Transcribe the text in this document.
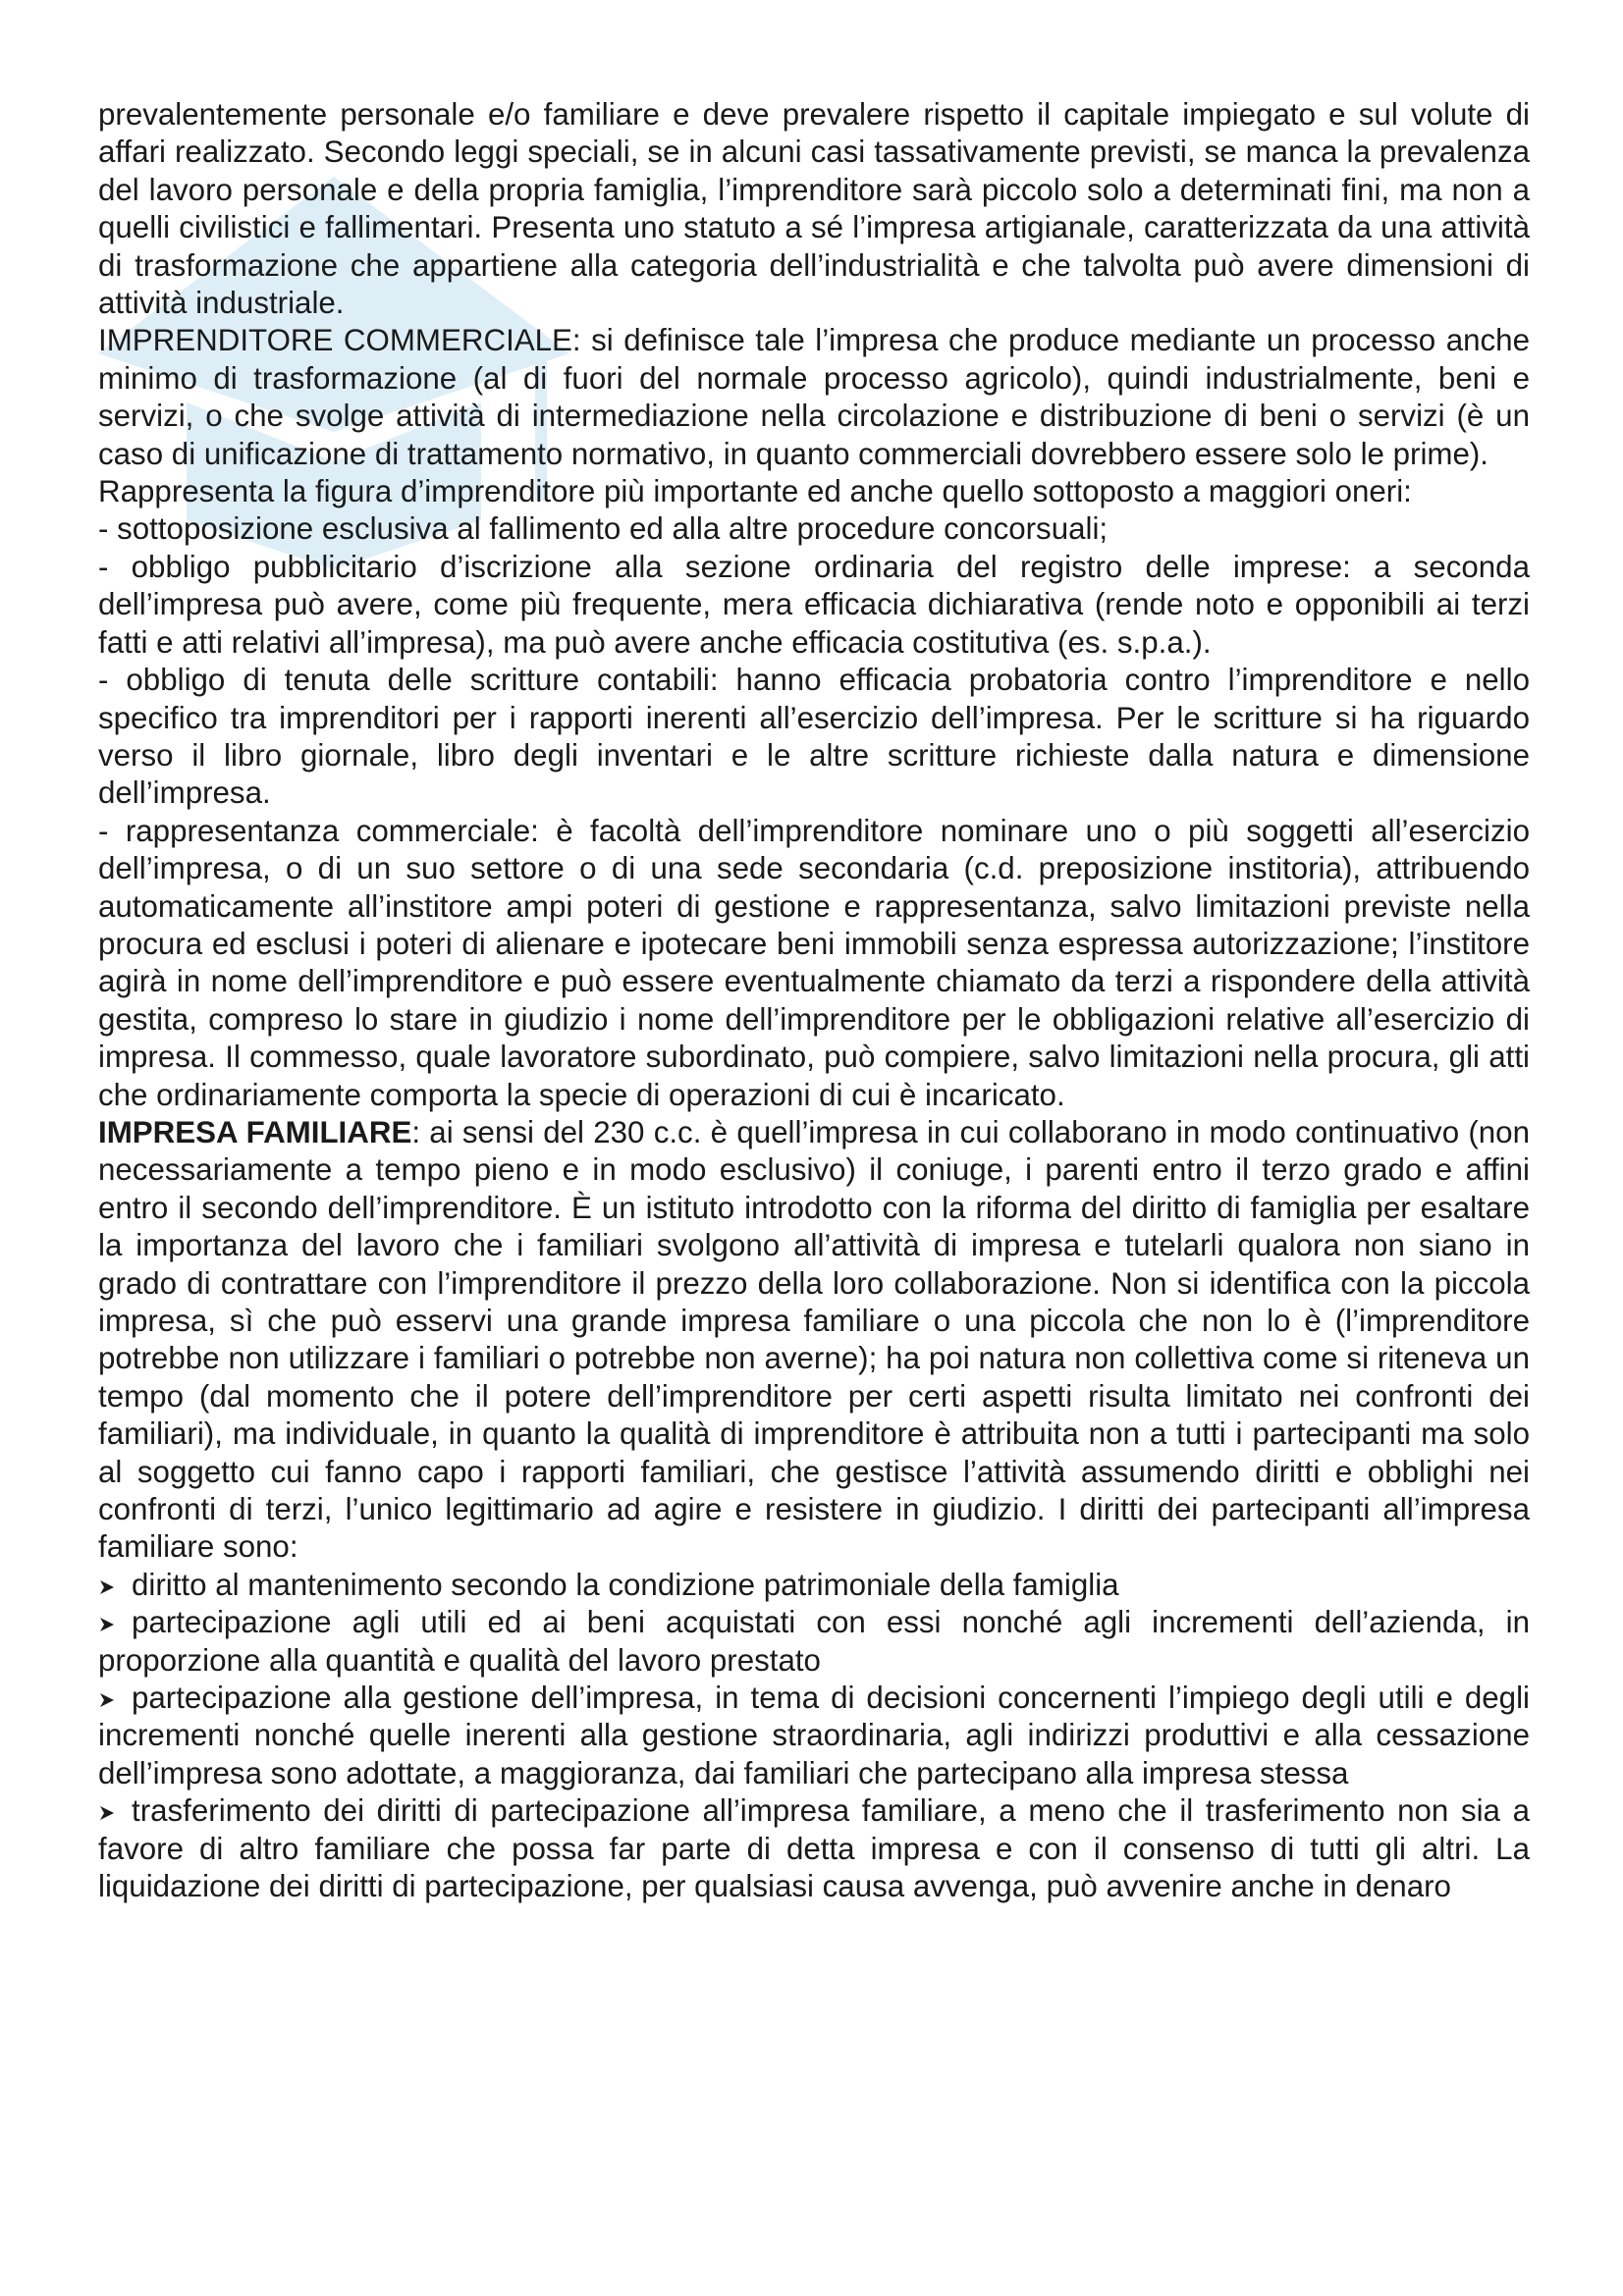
prevalentemente personale e/o familiare e deve prevalere rispetto il capitale impiegato e sul volute di affari realizzato. Secondo leggi speciali, se in alcuni casi tassativamente previsti, se manca la prevalenza del lavoro personale e della propria famiglia, l’imprenditore sarà piccolo solo a determinati fini, ma non a quelli civilistici e fallimentari. Presenta uno statuto a sé l’impresa artigianale, caratterizzata da una attività di trasformazione che appartiene alla categoria dell’industrialità e che talvolta può avere dimensioni di attività industriale.

IMPRENDITORE COMMERCIALE: si definisce tale l’impresa che produce mediante un processo anche minimo di trasformazione (al di fuori del normale processo agricolo), quindi industrialmente, beni e servizi, o che svolge attività di intermediazione nella circolazione e distribuzione di beni o servizi (è un caso di unificazione di trattamento normativo, in quanto commerciali dovrebbero essere solo le prime).

Rappresenta la figura d’imprenditore più importante ed anche quello sottoposto a maggiori oneri:

- sottoposizione esclusiva al fallimento ed alla altre procedure concorsuali;

- obbligo pubblicitario d’iscrizione alla sezione ordinaria del registro delle imprese: a seconda dell’impresa può avere, come più frequente, mera efficacia dichiarativa (rende noto e opponibili ai terzi fatti e atti relativi all’impresa), ma può avere anche efficacia costitutiva (es. s.p.a.).

- obbligo di tenuta delle scritture contabili: hanno efficacia probatoria contro l’imprenditore e nello specifico tra imprenditori per i rapporti inerenti all’esercizio dell’impresa. Per le scritture si ha riguardo verso il libro giornale, libro degli inventari e le altre scritture richieste dalla natura e dimensione dell’impresa.

- rappresentanza commerciale: è facoltà dell’imprenditore nominare uno o più soggetti all’esercizio dell’impresa, o di un suo settore o di una sede secondaria (c.d. preposizione institoria), attribuendo automaticamente all’institore ampi poteri di gestione e rappresentanza, salvo limitazioni previste nella procura ed esclusi i poteri di alienare e ipotecare beni immobili senza espressa autorizzazione; l’institore agirà in nome dell’imprenditore e può essere eventualmente chiamato da terzi a rispondere della attività gestita, compreso lo stare in giudizio i nome dell’imprenditore per le obbligazioni relative all’esercizio di impresa. Il commesso, quale lavoratore subordinato, può compiere, salvo limitazioni nella procura, gli atti che ordinariamente comporta la specie di operazioni di cui è incaricato.

IMPRESA FAMILIARE: ai sensi del 230 c.c. è quell’impresa in cui collaborano in modo continuativo (non necessariamente a tempo pieno e in modo esclusivo) il coniuge, i parenti entro il terzo grado e affini entro il secondo dell’imprenditore. È un istituto introdotto con la riforma del diritto di famiglia per esaltare la importanza del lavoro che i familiari svolgono all’attività di impresa e tutelarli qualora non siano in grado di contrattare con l’imprenditore il prezzo della loro collaborazione. Non si identifica con la piccola impresa, sì che può esservi una grande impresa familiare o una piccola che non lo è (l’imprenditore potrebbe non utilizzare i familiari o potrebbe non averne); ha poi natura non collettiva come si riteneva un tempo (dal momento che il potere dell’imprenditore per certi aspetti risulta limitato nei confronti dei familiari), ma individuale, in quanto la qualità di imprenditore è attribuita non a tutti i partecipanti ma solo al soggetto cui fanno capo i rapporti familiari, che gestisce l’attività assumendo diritti e obblighi nei confronti di terzi, l’unico legittimario ad agire e resistere in giudizio. I diritti dei partecipanti all’impresa familiare sono:

diritto al mantenimento secondo la condizione patrimoniale della famiglia

partecipazione agli utili ed ai beni acquistati con essi nonché agli incrementi dell’azienda, in proporzione alla quantità e qualità del lavoro prestato

partecipazione alla gestione dell’impresa, in tema di decisioni concernenti l’impiego degli utili e degli incrementi nonché quelle inerenti alla gestione straordinaria, agli indirizzi produttivi e alla cessazione dell’impresa sono adottate, a maggioranza, dai familiari che partecipano alla impresa stessa

trasferimento dei diritti di partecipazione all’impresa familiare, a meno che il trasferimento non sia a favore di altro familiare che possa far parte di detta impresa e con il consenso di tutti gli altri. La liquidazione dei diritti di partecipazione, per qualsiasi causa avvenga, può avvenire anche in denaro
